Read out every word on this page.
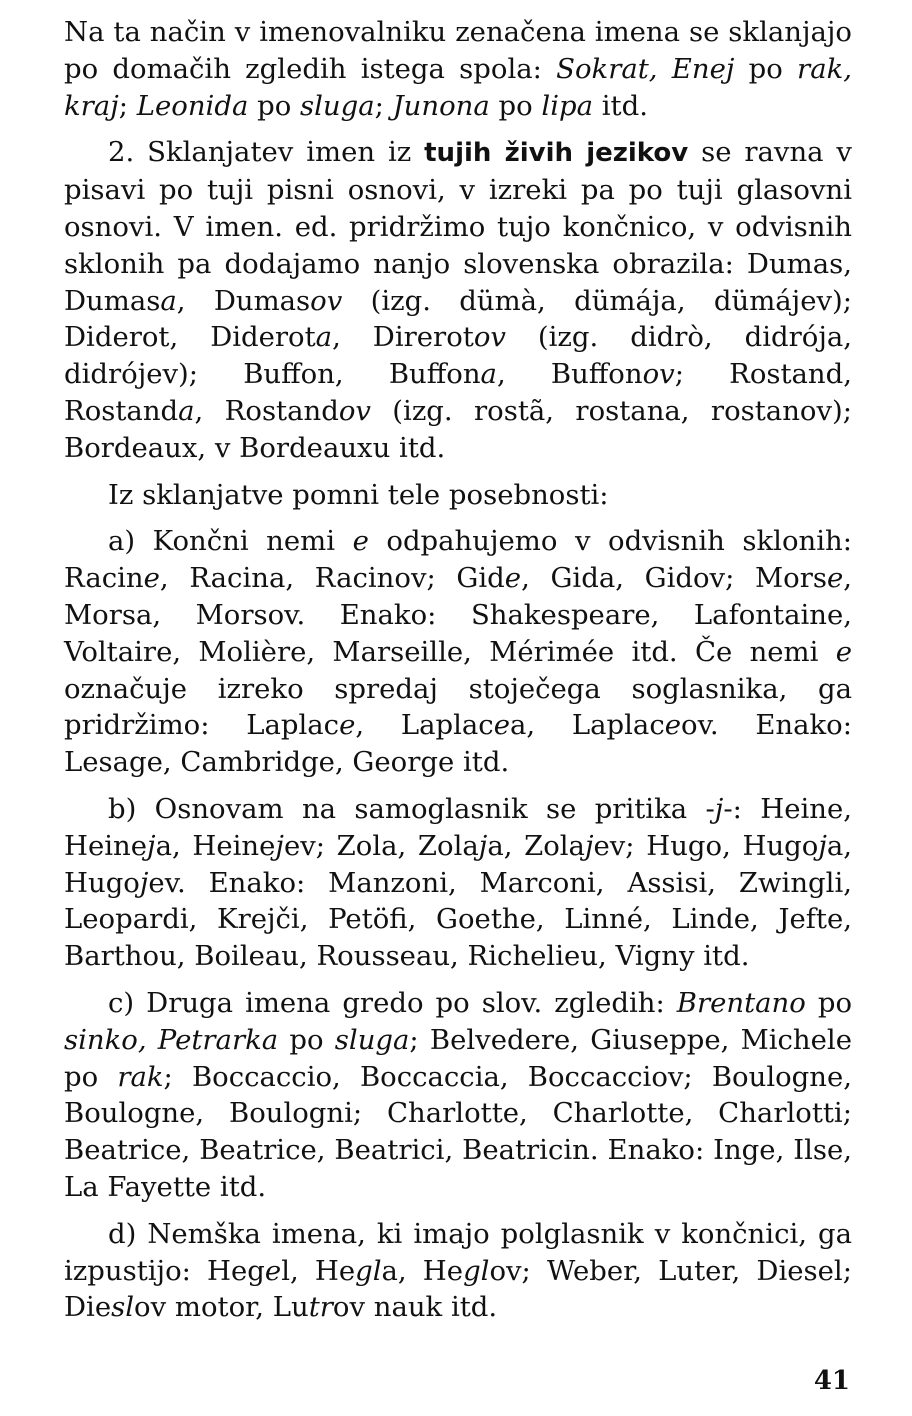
Na ta način v imenovalniku zenačena imena se sklanjajo po domačih zgledih istega spola: Sokrat, Enej po rak, kraj; Leonida po sluga; Junona po lipa itd.

2. Sklanjatev imen iz tujih živih jezikov se ravna v pisavi po tuji pisni osnovi, v izreki pa po tuji glasovni osnovi. V imen. ed. pridržimo tujo končnico, v odvisnih sklonih pa dodajamo nanjo slovenska obrazila: Dumas, Dumasa, Dumasov (izg. dümà, dümája, dümájev); Diderot, Diderota, Direrotov (izg. didrò, didrója, didrójev); Buffon, Buffona, Buffonov; Rostand, Rostanda, Rostandov (izg. rostã, rostana, rostanov); Bordeaux, v Bordeauxu itd.

Iz sklanjatve pomni tele posebnosti:

a) Končni nemi e odpahujemo v odvisnih sklonih: Racine, Racina, Racinov; Gide, Gida, Gidov; Morse, Morsa, Morsov. Enako: Shakespeare, Lafontaine, Voltaire, Molière, Marseille, Mérimée itd. Če nemi e označuje izreko spredaj stoječega soglasnika, ga pridržimo: Laplace, Laplacea, Laplaceov. Enako: Lesage, Cambridge, George itd.

b) Osnovam na samoglasnik se pritika -j-: Heine, Heineja, Heinejev; Zola, Zolaja, Zolajev; Hugo, Hugoja, Hugojev. Enako: Manzoni, Marconi, Assisi, Zwingli, Leopardi, Krejči, Petöfi, Goethe, Linné, Linde, Jefte, Barthou, Boileau, Rousseau, Richelieu, Vigny itd.

c) Druga imena gredo po slov. zgledih: Brentano po sinko, Petrarka po sluga; Belvedere, Giuseppe, Michele po rak; Boccaccio, Boccaccia, Boccacciov; Boulogne, Boulogne, Boulogni; Charlotte, Charlotte, Charlotti; Beatrice, Beatrice, Beatrici, Beatricin. Enako: Inge, Ilse, La Fayette itd.

d) Nemška imena, ki imajo polglasnik v končnici, ga izpustijo: Hegel, Hegla, Heglov; Weber, Luter, Diesel; Dieslov motor, Lutrov nauk itd.

41
